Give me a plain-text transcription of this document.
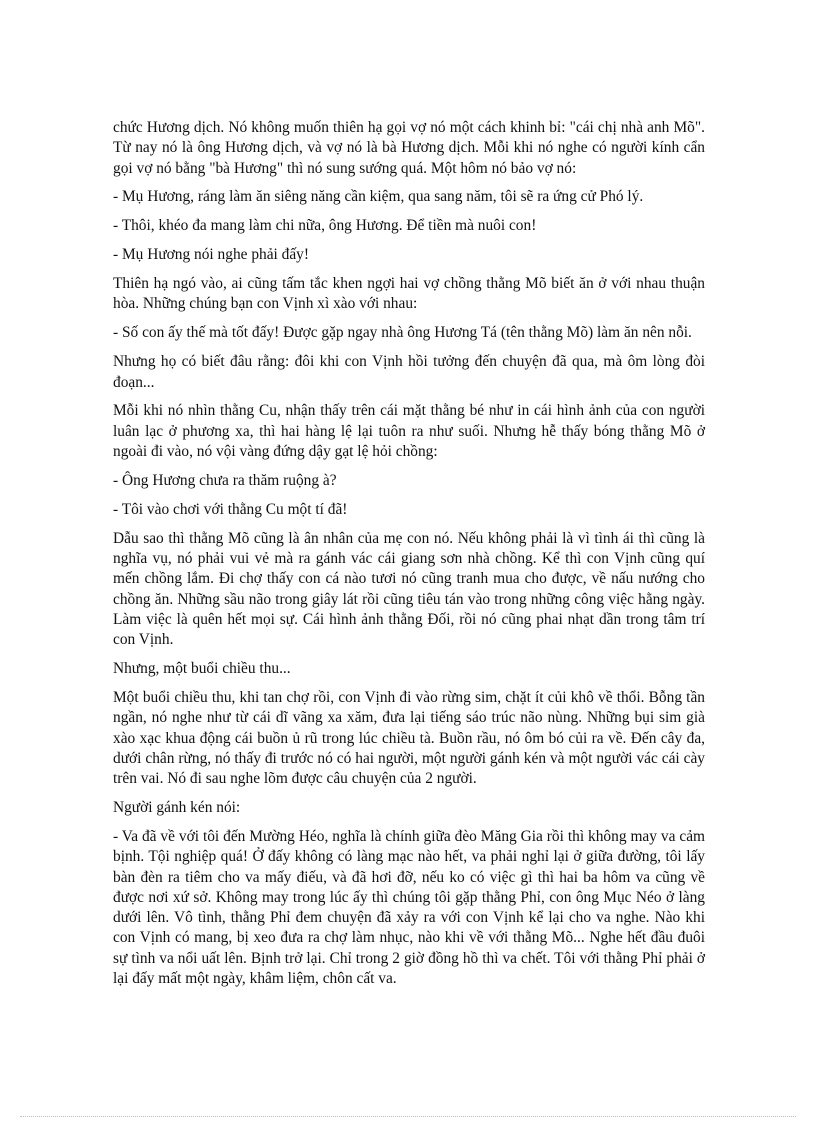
chức Hương dịch. Nó không muốn thiên hạ gọi vợ nó một cách khinh bỉ: "cái chị nhà anh Mõ". Từ nay nó là ông Hương dịch, và vợ nó là bà Hương dịch. Mỗi khi nó nghe có người kính cẩn gọi vợ nó bằng "bà Hương" thì nó sung sướng quá. Một hôm nó bảo vợ nó:

- Mụ Hương, ráng làm ăn siêng năng cần kiệm, qua sang năm, tôi sẽ ra ứng cử Phó lý.

- Thôi, khéo đa mang làm chi nữa, ông Hương. Để tiền mà nuôi con!

- Mụ Hương nói nghe phải đấy!

Thiên hạ ngó vào, ai cũng tấm tắc khen ngợi hai vợ chồng thằng Mõ biết ăn ở với nhau thuận hòa. Những chúng bạn con Vịnh xì xào với nhau:

- Số con ấy thế mà tốt đấy! Được gặp ngay nhà ông Hương Tá (tên thằng Mõ) làm ăn nên nỗi.

Nhưng họ có biết đâu rằng: đôi khi con Vịnh hồi tưởng đến chuyện đã qua, mà ôm lòng đòi đoạn...

Mỗi khi nó nhìn thằng Cu, nhận thấy trên cái mặt thằng bé như in cái hình ảnh của con người luân lạc ở phương xa, thì hai hàng lệ lại tuôn ra như suối. Nhưng hễ thấy bóng thằng Mõ ở ngoài đi vào, nó vội vàng đứng dậy gạt lệ hỏi chồng:

- Ông Hương chưa ra thăm ruộng à?

- Tôi vào chơi với thằng Cu một tí đã!

Dẫu sao thì thằng Mõ cũng là ân nhân của mẹ con nó. Nếu không phải là vì tình ái thì cũng là nghĩa vụ, nó phải vui vẻ mà ra gánh vác cái giang sơn nhà chồng. Kể thì con Vịnh cũng quí mến chồng lắm. Đi chợ thấy con cá nào tươi nó cũng tranh mua cho được, về nấu nướng cho chồng ăn. Những sầu não trong giây lát rồi cũng tiêu tán vào trong những công việc hằng ngày. Làm việc là quên hết mọi sự. Cái hình ảnh thằng Đối, rồi nó cũng phai nhạt dần trong tâm trí con Vịnh.

Nhưng, một buổi chiều thu...

Một buổi chiều thu, khi tan chợ rồi, con Vịnh đi vào rừng sim, chặt ít củi khô về thổi. Bỗng tần ngần, nó nghe như từ cái dĩ vãng xa xăm, đưa lại tiếng sáo trúc não nùng. Những bụi sim già xào xạc khua động cái buồn ủ rũ trong lúc chiều tà. Buồn rầu, nó ôm bó củi ra về. Đến cây đa, dưới chân rừng, nó thấy đi trước nó có hai người, một người gánh kén và một người vác cái cày trên vai. Nó đi sau nghe lõm được câu chuyện của 2 người.

Người gánh kén nói:

- Va đã về với tôi đến Mường Héo, nghĩa là chính giữa đèo Măng Gia rồi thì không may va cảm bịnh. Tội nghiệp quá! Ở đấy không có làng mạc nào hết, va phải nghỉ lại ở giữa đường, tôi lấy bàn đèn ra tiêm cho va mấy điếu, và đã hơi đỡ, nếu ko có việc gì thì hai ba hôm va cũng về được nơi xứ sở. Không may trong lúc ấy thì chúng tôi gặp thằng Phỉ, con ông Mục Néo ở làng dưới lên. Vô tình, thằng Phỉ đem chuyện đã xảy ra với con Vịnh kể lại cho va nghe. Nào khi con Vịnh có mang, bị xeo đưa ra chợ làm nhục, nào khi về với thằng Mõ... Nghe hết đầu đuôi sự tình va nổi uất lên. Bịnh trở lại. Chỉ trong 2 giờ đồng hồ thì va chết. Tôi với thằng Phỉ phải ở lại đấy mất một ngày, khâm liệm, chôn cất va.
